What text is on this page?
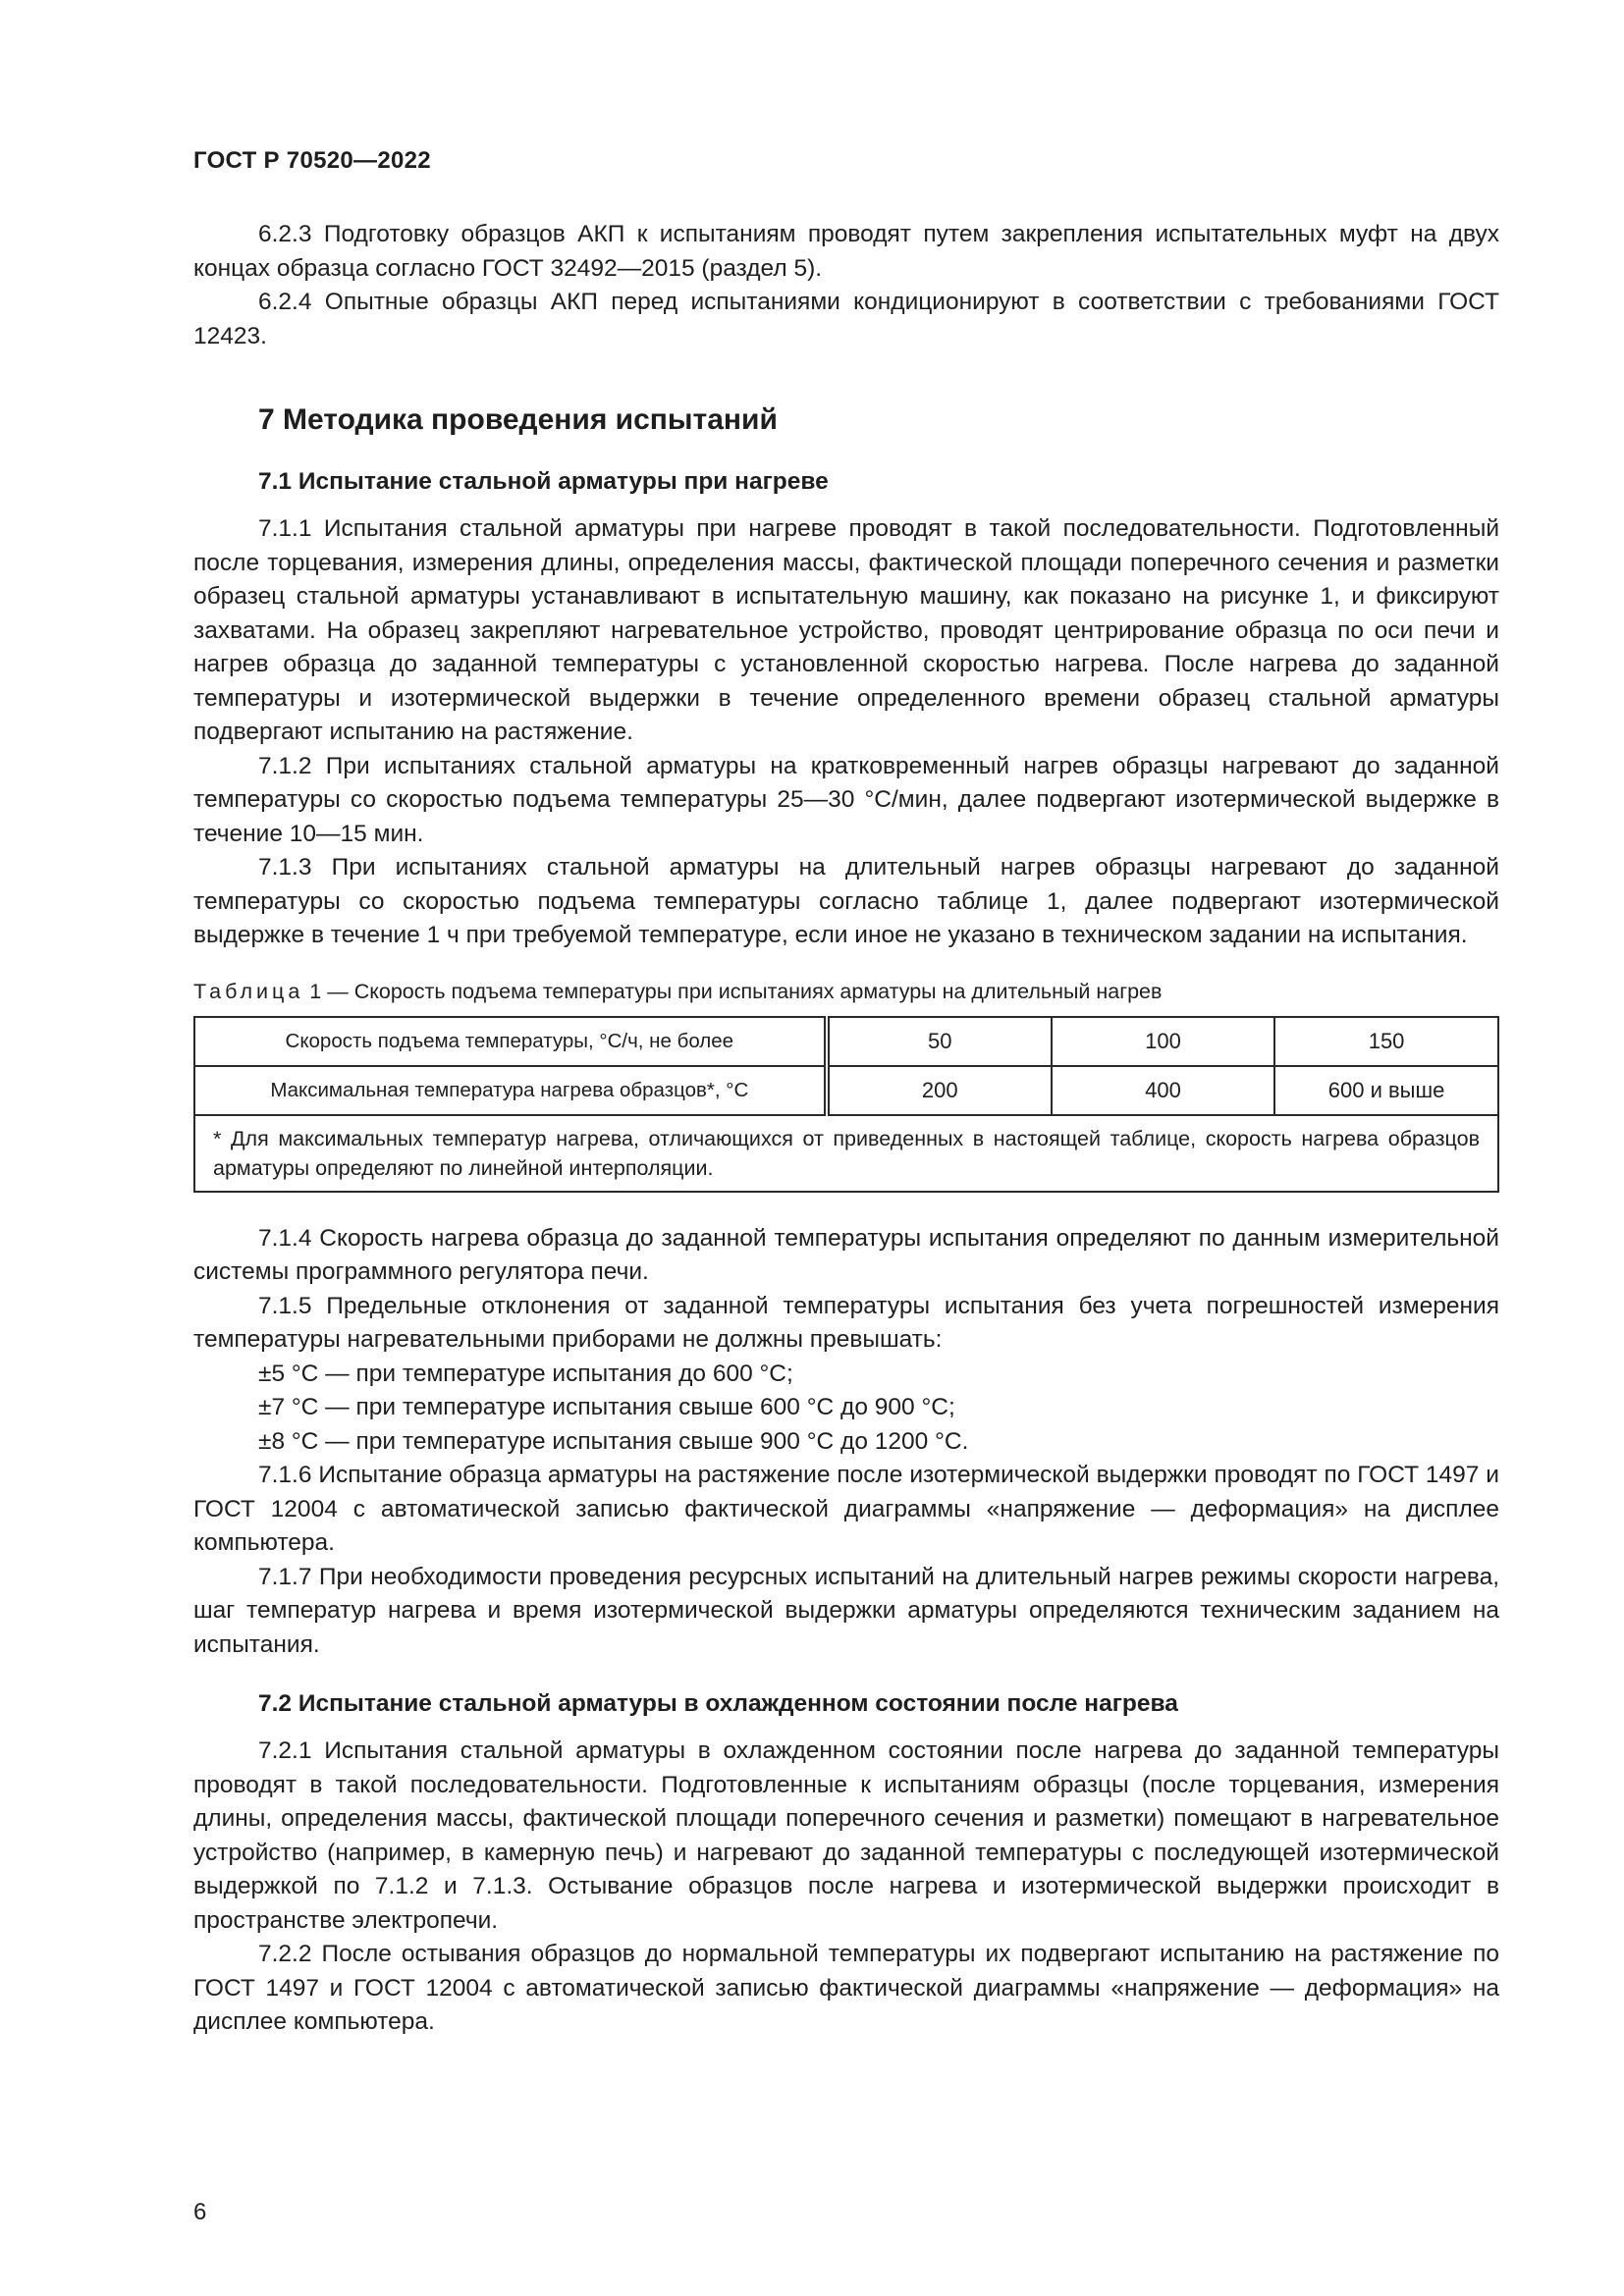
ГОСТ Р 70520—2022

6.2.3 Подготовку образцов АКП к испытаниям проводят путем закрепления испытательных муфт на двух концах образца согласно ГОСТ 32492—2015 (раздел 5).

6.2.4 Опытные образцы АКП перед испытаниями кондиционируют в соответствии с требованиями ГОСТ 12423.

7 Методика проведения испытаний
7.1 Испытание стальной арматуры при нагреве

7.1.1 Испытания стальной арматуры при нагреве проводят в такой последовательности. Подготовленный после торцевания, измерения длины, определения массы, фактической площади поперечного сечения и разметки образец стальной арматуры устанавливают в испытательную машину, как показано на рисунке 1, и фиксируют захватами. На образец закрепляют нагревательное устройство, проводят центрирование образца по оси печи и нагрев образца до заданной температуры с установленной скоростью нагрева. После нагрева до заданной температуры и изотермической выдержки в течение определенного времени образец стальной арматуры подвергают испытанию на растяжение.

7.1.2 При испытаниях стальной арматуры на кратковременный нагрев образцы нагревают до заданной температуры со скоростью подъема температуры 25—30 °С/мин, далее подвергают изотермической выдержке в течение 10—15 мин.

7.1.3 При испытаниях стальной арматуры на длительный нагрев образцы нагревают до заданной температуры со скоростью подъема температуры согласно таблице 1, далее подвергают изотермической выдержке в течение 1 ч при требуемой температуре, если иное не указано в техническом задании на испытания.

Таблица 1 — Скорость подъема температуры при испытаниях арматуры на длительный нагрев
Скорость подъема температуры, °С/ч, не более	50	100	150
Максимальная температура нагрева образцов*, °С	200	400	600 и выше
* Для максимальных температур нагрева, отличающихся от приведенных в настоящей таблице, скорость нагрева образцов арматуры определяют по линейной интерполяции.			

7.1.4 Скорость нагрева образца до заданной температуры испытания определяют по данным измерительной системы программного регулятора печи.

7.1.5 Предельные отклонения от заданной температуры испытания без учета погрешностей измерения температуры нагревательными приборами не должны превышать:

±5 °С — при температуре испытания до 600 °С;

±7 °С — при температуре испытания свыше 600 °С до 900 °С;

±8 °С — при температуре испытания свыше 900 °С до 1200 °С.

7.1.6 Испытание образца арматуры на растяжение после изотермической выдержки проводят по ГОСТ 1497 и ГОСТ 12004 с автоматической записью фактической диаграммы «напряжение — деформация» на дисплее компьютера.

7.1.7 При необходимости проведения ресурсных испытаний на длительный нагрев режимы скорости нагрева, шаг температур нагрева и время изотермической выдержки арматуры определяются техническим заданием на испытания.

7.2 Испытание стальной арматуры в охлажденном состоянии после нагрева

7.2.1 Испытания стальной арматуры в охлажденном состоянии после нагрева до заданной температуры проводят в такой последовательности. Подготовленные к испытаниям образцы (после торцевания, измерения длины, определения массы, фактической площади поперечного сечения и разметки) помещают в нагревательное устройство (например, в камерную печь) и нагревают до заданной температуры с последующей изотермической выдержкой по 7.1.2 и 7.1.3. Остывание образцов после нагрева и изотермической выдержки происходит в пространстве электропечи.

7.2.2 После остывания образцов до нормальной температуры их подвергают испытанию на растяжение по ГОСТ 1497 и ГОСТ 12004 с автоматической записью фактической диаграммы «напряжение — деформация» на дисплее компьютера.

6
